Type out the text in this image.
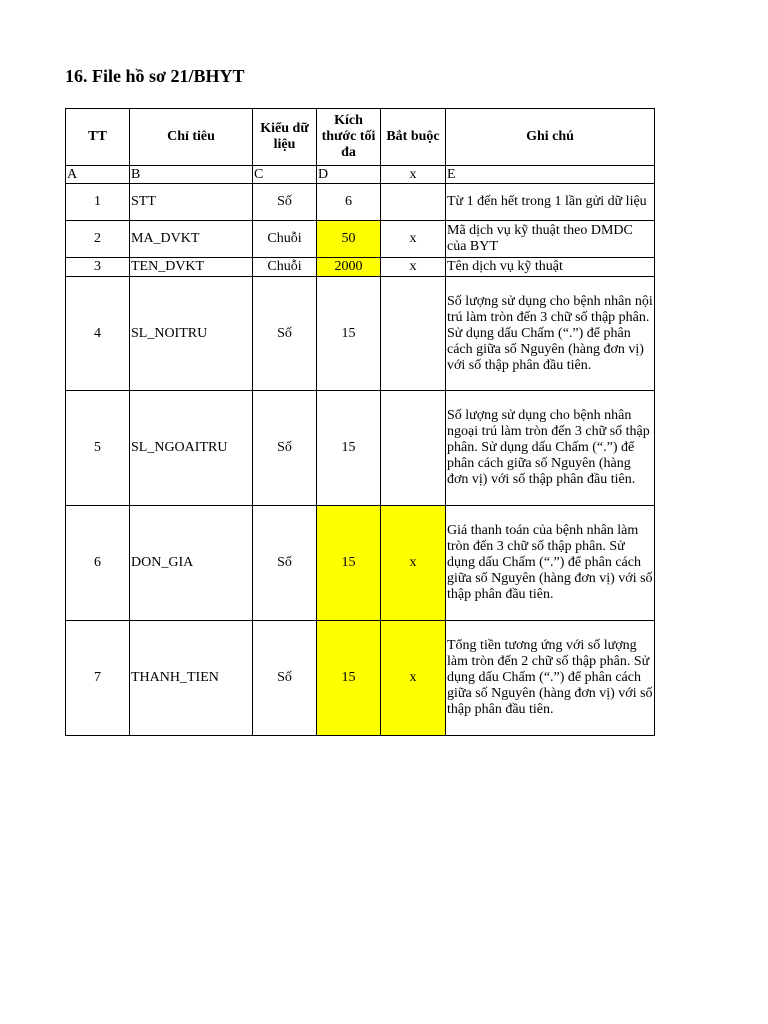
16. File hồ sơ 21/BHYT
TT	Chỉ tiêu	Kiểu dữ liệu	Kích thước tối đa	Bắt buộc	Ghi chú
A	B	C	D	x	E
1	STT	Số	6		Từ 1 đến hết trong 1 lần gửi dữ liệu
2	MA_DVKT	Chuỗi	50	x	Mã dịch vụ kỹ thuật theo DMDC của BYT
3	TEN_DVKT	Chuỗi	2000	x	Tên dịch vụ kỹ thuật
4	SL_NOITRU	Số	15		Số lượng sử dụng cho bệnh nhân nội trú làm tròn đến 3 chữ số thập phân. Sử dụng dấu Chấm (“.”) để phân cách giữa số Nguyên (hàng đơn vị) với số thập phân đầu tiên.
5	SL_NGOAITRU	Số	15		Số lượng sử dụng cho bệnh nhân ngoại trú làm tròn đến 3 chữ số thập phân. Sử dụng dấu Chấm (“.”) để phân cách giữa số Nguyên (hàng đơn vị) với số thập phân đầu tiên.
6	DON_GIA	Số	15	x	Giá thanh toán của bệnh nhân làm tròn đến 3 chữ số thập phân. Sử dụng dấu Chấm (“.”) để phân cách giữa số Nguyên (hàng đơn vị) với số thập phân đầu tiên.
7	THANH_TIEN	Số	15	x	Tổng tiền tương ứng với số lượng làm tròn đến 2 chữ số thập phân. Sử dụng dấu Chấm (“.”) để phân cách giữa số Nguyên (hàng đơn vị) với số thập phân đầu tiên.
